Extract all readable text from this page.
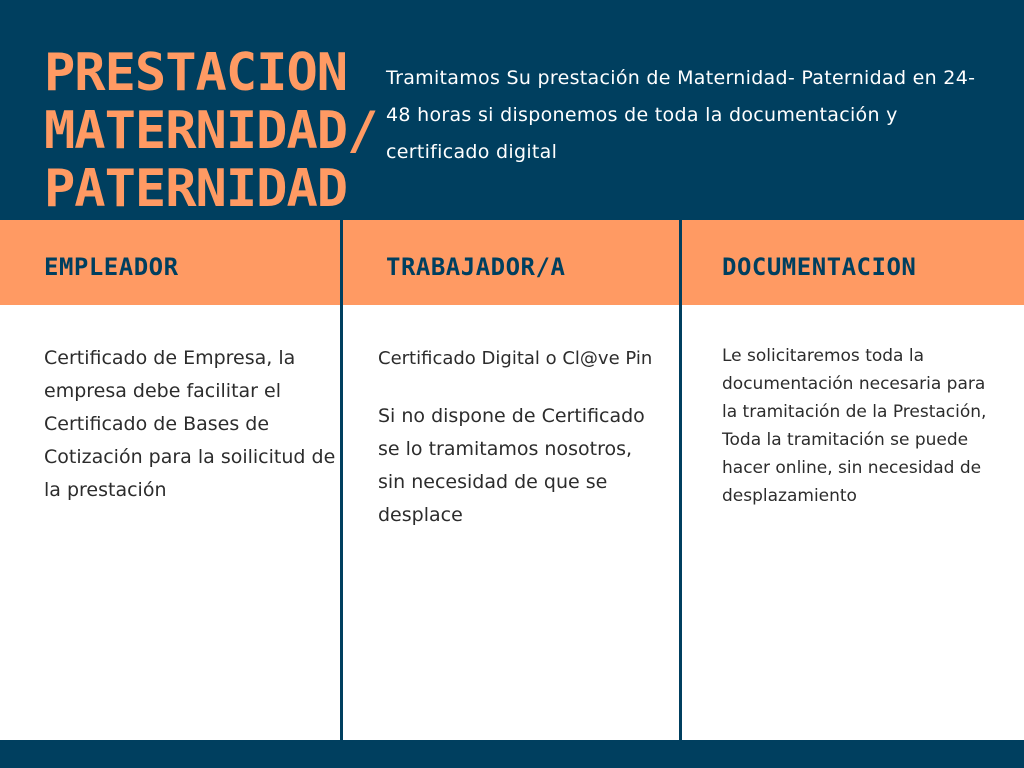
PRESTACION
MATERNIDAD/
PATERNIDAD

Tramitamos Su prestación de Maternidad- Paternidad en 24-48 horas si disponemos de toda la documentación y certificado digital

EMPLEADOR	TRABAJADOR/A	DOCUMENTACION

Certificado de Empresa, la empresa debe facilitar el Certificado de Bases de Cotización para la soilicitud de la prestación

Certificado Digital o Cl@ve Pin

Si no dispone de Certificado se lo tramitamos nosotros, sin necesidad de que se desplace

Le solicitaremos toda la documentación necesaria para la tramitación de la Prestación, Toda la tramitación se puede hacer online, sin necesidad de desplazamiento
